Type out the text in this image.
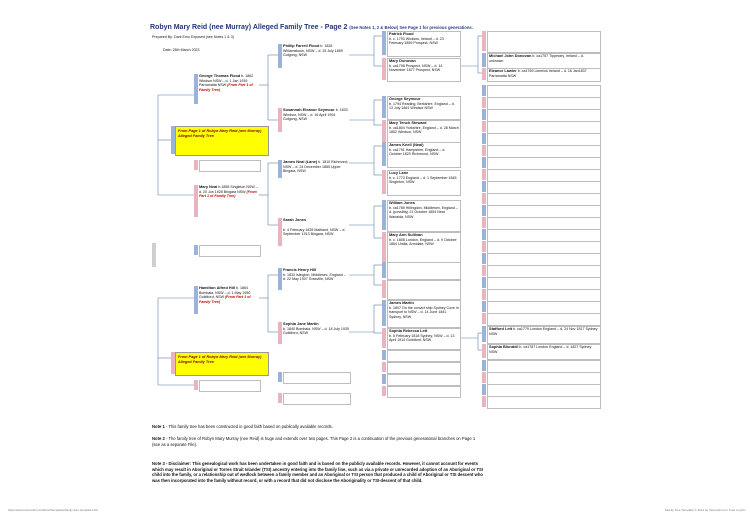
Robyn Mary Reid (nee Murray) Alleged Family Tree - Page 2 (See Notes 1, 2 & Below) See Page 1 for previous generations.
Prepared By: Dark Emu Exposed (see Notes 1 & 3)
Date: 26th March 2023
From Page 1 of Robyn Mary Reid (nee Murray) Alleged Family Tree
From Page 1 of Robyn Mary Reid (nee Murray) Alleged Family Tree
George Thomas Flood b. 1862 Windsor NSW – d. 1 Jan 1939 Parramatta NSW (From Part 1 of Family Tree)
Mary Neal b.1855 Singleton NSW – d. 20 Jun 1928 Bingara NSW (From Part 1 of Family Tree)
Hamilton Alfred Hill b. 1864 Bombala, NSW – d. 1 May 1950 Guildford, NSW (From Part 1 of Family Tree)
Phillip Farrell Flood b. 1828 Williamstown, NSW – d. 25 July 1899 Gulgong, NSW
Susannah Eleanor Seymour b. 1833 Windsor, NSW – d. 16 April 1904 Gulgong, NSW
James Neal (Lane) b. 1810 Richmond, NSW – d. 24 December 1885 Upper Bingara, NSW
Sarah Jones
b. 4 February 1835 Maitland, NSW – d. September 1913 Bingara, NSW
Francis Henry Hill
b. 1833 Islington, Middlesex, England – d. 22 May 1907 Granville, NSW
Sophia Jane Martin
b. 1840 Bombala, NSW – d. 18 July 1935 Guildford, NSW
Patrick Flood
b. c. 1793 Wicklow, Ireland – d. 23 February 1859 Prospect, NSW
Mary Donovan
b. ca1798 Prospect, NSW – d. 14 November 1877 Prospect, NSW
George Seymour
b. 1794 Reading, Berkshire, England – d. 13 July 1861 Windsor NSW
Mary Tench Steward
b. ca1804 Yorkshire, England – d. 28 March 1852 Windsor, NSW
James Knell (Neal)
b. ca1791 Hampshire, England – d. October 1820 Richmond, NSW
Lucy Lane
b. c. 1773 England – d. 1 September 1845 Singleton, NSW
William Jones
b. ca1789 Hillingdon, Middlesex, England – d. (possibly) 21 October 1854 Near Warialda, NSW
Mary Ann Sullivan
b. c. 1808 London, England – d. 9 October 1864 Uralla, Armidale, NSW
James Martin
b. 1807 On the convict ship Sydney Cove in transport to NSW – d. 14 June 1841 Sydney, NSW
Sophia Rebecca Lett
b. 5 February 1818 Sydney, NSW – d. 13 April 1914 Guildford, NSW
Michael John Donovan b. ca1757 Tipperary, Ireland – d. unknown
Eleanor Lawler b. ca1769 Limerick Ireland – d. 16 Jan1837 Parramatta NSW
Stafford Lett b. ca1779 London England – d. 24 Nov 1817 Sydney NSW
Sophia Blundell b. ca1787 London England – d. 1827 Sydney NSW
Note 1 - This family tree has been constructed in good faith based on publically available records.
Note 2 - The family tree of Robyn Mary Murray (nee Reid) is huge and extends over two pages. This Page 2 is a continuation of the previous generational branches on Page 1 (see as a separate File).
Note 3 - Disclaimer: This genealogical work has been undertaken in good faith and is based on the publicly available records. However, it cannot account for events which may result in Aboriginal or Torres Strait Islander (TSI) ancestry entering into the family line, such as via a private or unrecorded adoption of an Aboriginal or TSI child into the family, or a relationship out of wedlock between a family member and an Aboriginal or TSI person that produced a child of Aboriginal or TSI descent who was then incorporated into the family without record, or with a record that did not disclose the Aboriginality or TSI-descent of that child.
https://www.vertex42.com/ExcelTemplates/family-tree-template.html	Family Tree Template © 2014 by Vertex42.com. Free to print.
